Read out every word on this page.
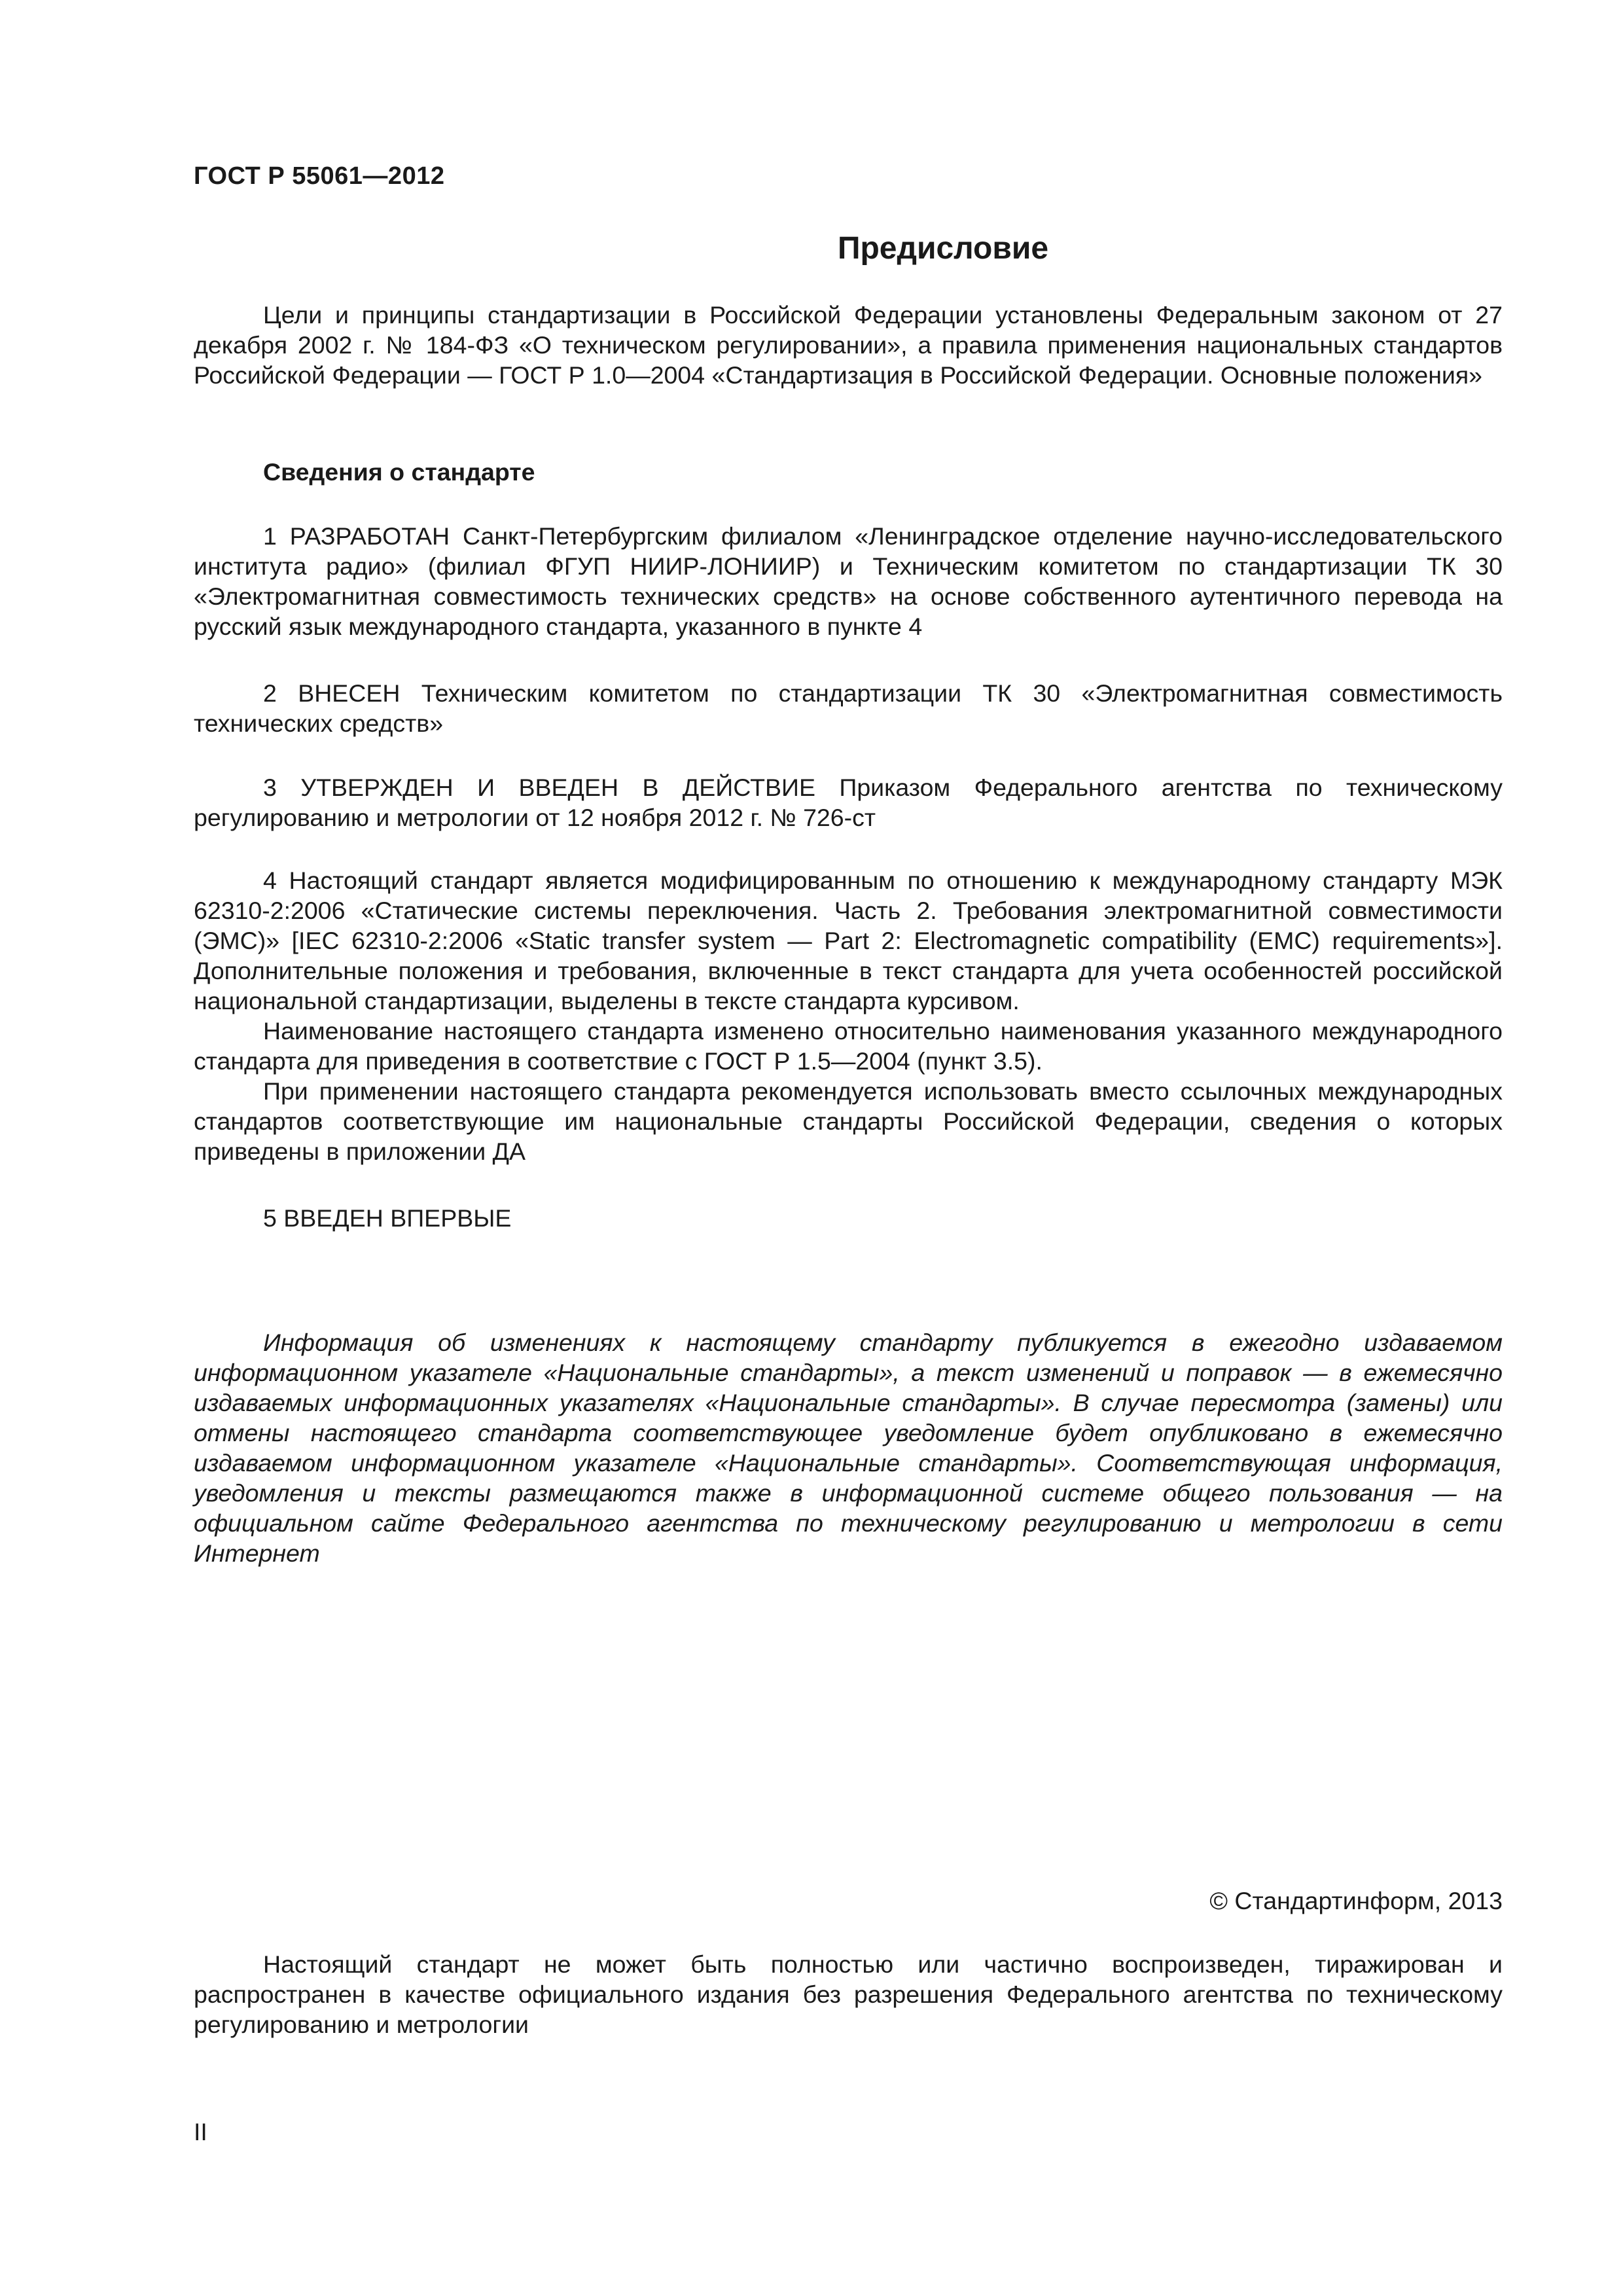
ГОСТ Р 55061—2012
Предисловие

Цели и принципы стандартизации в Российской Федерации установлены Федеральным законом от 27 декабря 2002 г. № 184-ФЗ «О техническом регулировании», а правила применения национальных стандартов Российской Федерации — ГОСТ Р 1.0—2004 «Стандартизация в Российской Федерации. Основные положения»

Сведения о стандарте

1 РАЗРАБОТАН Санкт-Петербургским филиалом «Ленинградское отделение научно-исследовательского института радио» (филиал ФГУП НИИР-ЛОНИИР) и Техническим комитетом по стандартизации ТК 30 «Электромагнитная совместимость технических средств» на основе собственного аутентичного перевода на русский язык международного стандарта, указанного в пункте 4

2 ВНЕСЕН Техническим комитетом по стандартизации ТК 30 «Электромагнитная совместимость технических средств»

3 УТВЕРЖДЕН И ВВЕДЕН В ДЕЙСТВИЕ Приказом Федерального агентства по техническому регулированию и метрологии от 12 ноября 2012 г. № 726-ст

4 Настоящий стандарт является модифицированным по отношению к международному стандарту МЭК 62310-2:2006 «Статические системы переключения. Часть 2. Требования электромагнитной совместимости (ЭМС)» [IEC 62310-2:2006 «Static transfer system — Part 2: Electromagnetic compatibility (EMC) requirements»]. Дополнительные положения и требования, включенные в текст стандарта для учета особенностей российской национальной стандартизации, выделены в тексте стандарта курсивом.

Наименование настоящего стандарта изменено относительно наименования указанного международного стандарта для приведения в соответствие с ГОСТ Р 1.5—2004 (пункт 3.5).

При применении настоящего стандарта рекомендуется использовать вместо ссылочных международных стандартов соответствующие им национальные стандарты Российской Федерации, сведения о которых приведены в приложении ДА

5 ВВЕДЕН ВПЕРВЫЕ

Информация об изменениях к настоящему стандарту публикуется в ежегодно издаваемом информационном указателе «Национальные стандарты», а текст изменений и поправок — в ежемесячно издаваемых информационных указателях «Национальные стандарты». В случае пересмотра (замены) или отмены настоящего стандарта соответствующее уведомление будет опубликовано в ежемесячно издаваемом информационном указателе «Национальные стандарты». Соответствующая информация, уведомления и тексты размещаются также в информационной системе общего пользования — на официальном сайте Федерального агентства по техническому регулированию и метрологии в сети Интернет

© Стандартинформ, 2013

Настоящий стандарт не может быть полностью или частично воспроизведен, тиражирован и распространен в качестве официального издания без разрешения Федерального агентства по техническому регулированию и метрологии

II
